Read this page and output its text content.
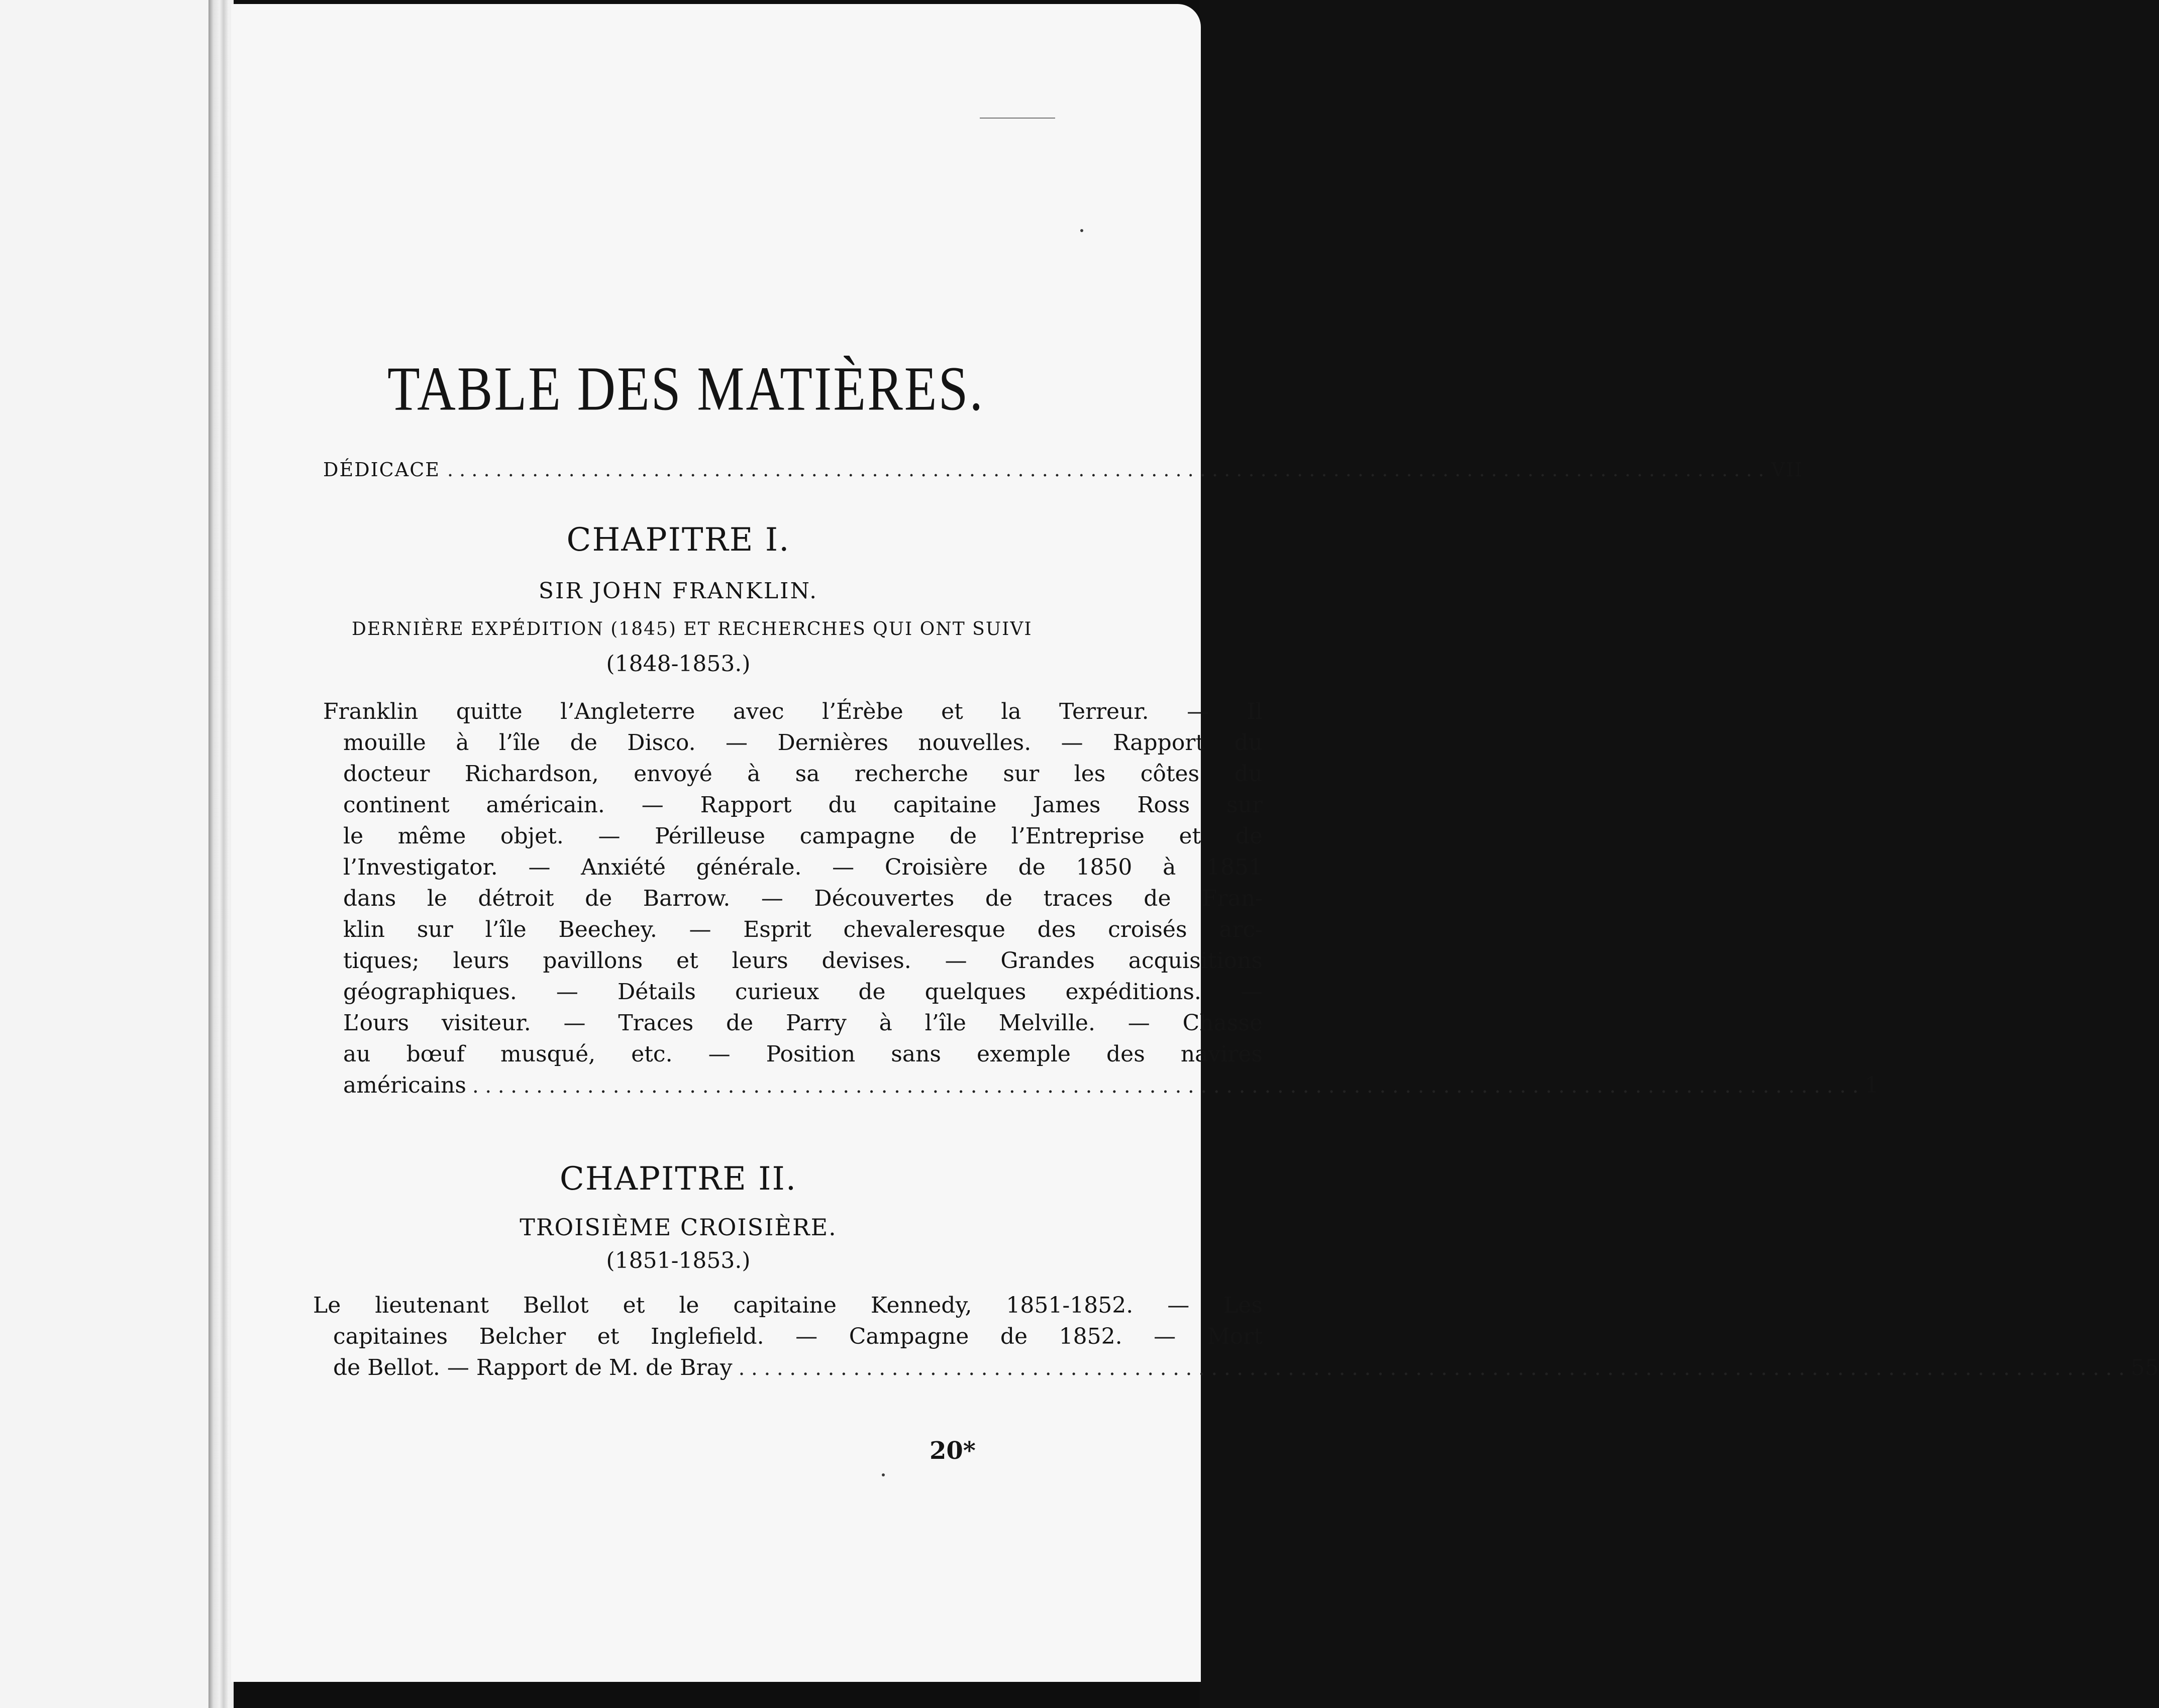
TABLE DES MATIÈRES.
DÉDICACE . . .	VII
CHAPITRE I.
SIR JOHN FRANKLIN.
DERNIÈRE EXPÉDITION (1845) ET RECHERCHES QUI ONT SUIVI
(1848-1853.)
Franklin quitte l’Angleterre avec l’Érèbe et la Terreur. — Il
mouille à l’île de Disco. — Dernières nouvelles. — Rapport du
docteur Richardson, envoyé à sa recherche sur les côtes du
continent américain. — Rapport du capitaine James Ross sur
le même objet. — Périlleuse campagne de l’Entreprise et de
l’Investigator. — Anxiété générale. — Croisière de 1850 à 1851
dans le détroit de Barrow. — Découvertes de traces de Fran-
klin sur l’île Beechey. — Esprit chevaleresque des croisés arc-
tiques; leurs pavillons et leurs devises. — Grandes acquisitions
géographiques. — Détails curieux de quelques expéditions. —
L’ours visiteur. — Traces de Parry à l’île Melville. — Chasse
au bœuf musqué, etc. — Position sans exemple des navires
américains . . .	1
CHAPITRE II.
TROISIÈME CROISIÈRE.
(1851-1853.)
Le lieutenant Bellot et le capitaine Kennedy, 1851-1852. — Les
capitaines Belcher et Inglefield. — Campagne de 1852. — Mort
de Bellot. — Rapport de M. de Bray . . .	55
20*
